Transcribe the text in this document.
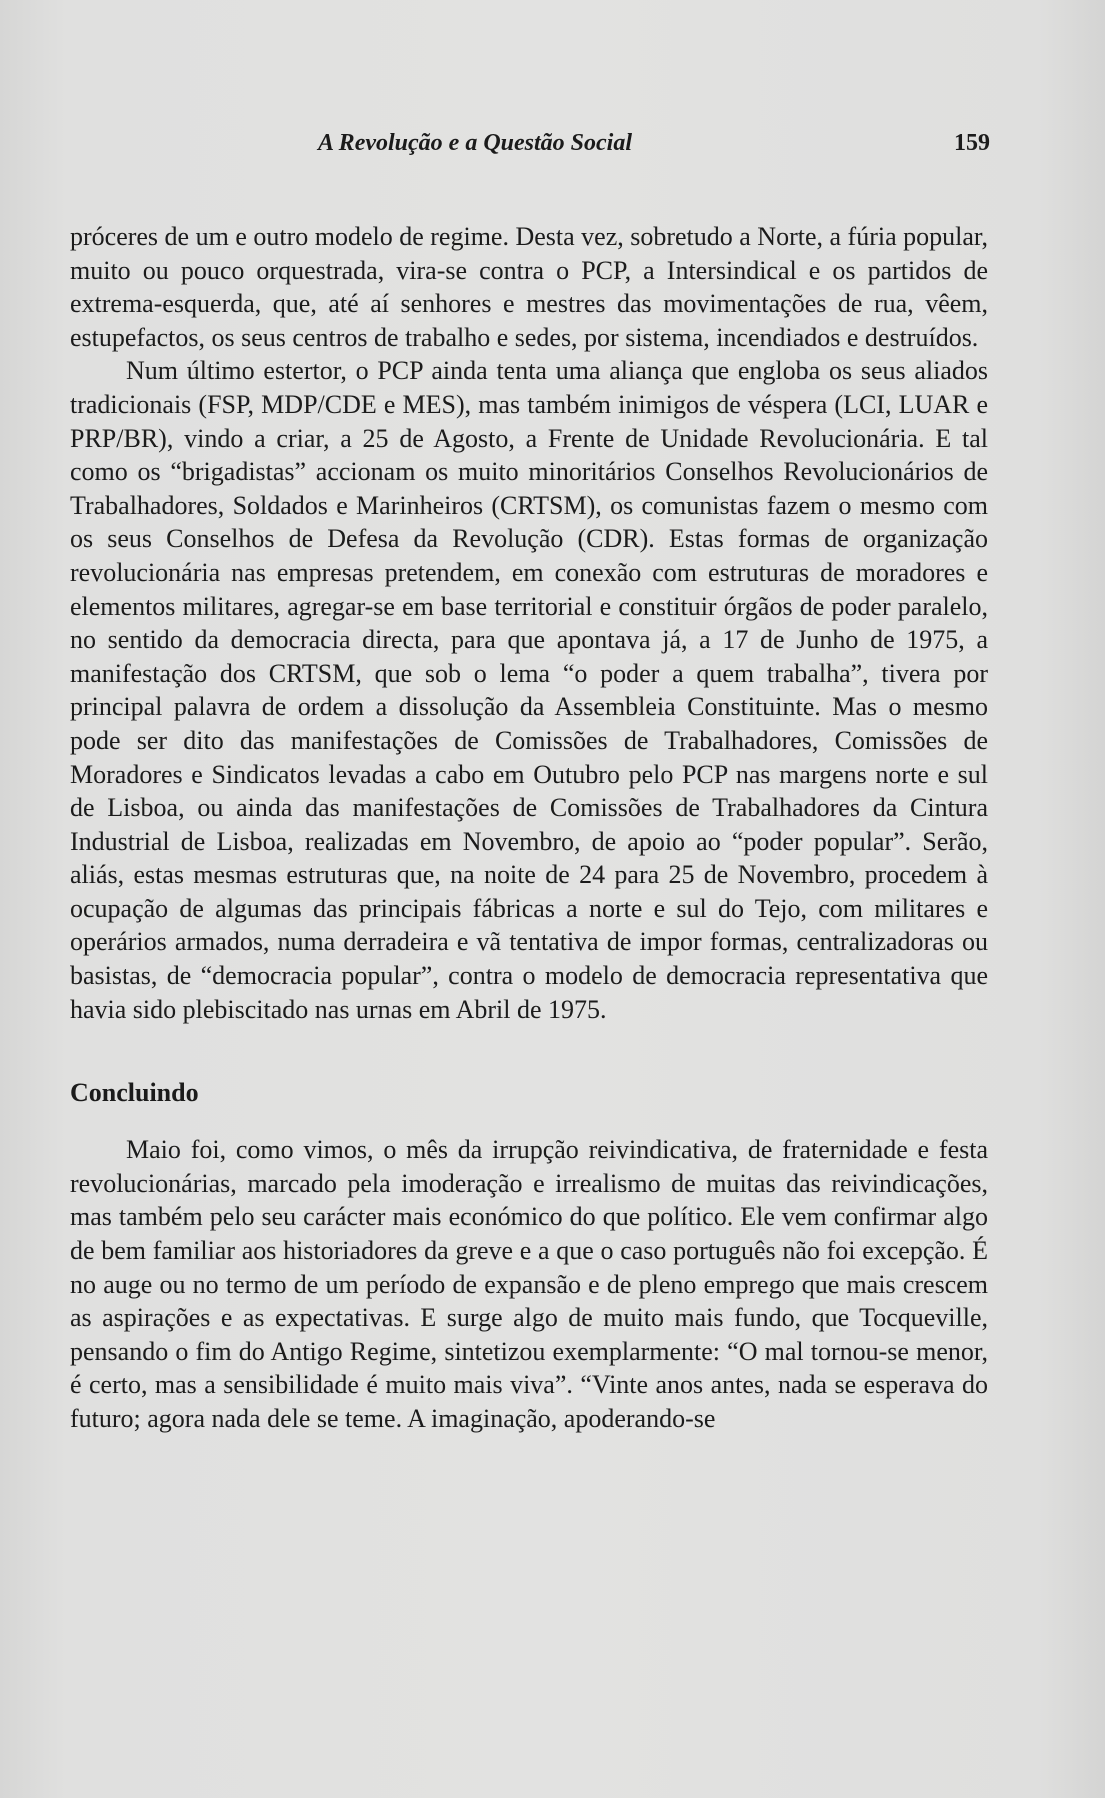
A Revolução e a Questão Social	159

próceres de um e outro modelo de regime. Desta vez, sobretudo a Norte, a fúria popular, muito ou pouco orquestrada, vira-se contra o PCP, a Intersindical e os partidos de extrema-esquerda, que, até aí senhores e mestres das movimentações de rua, vêem, estupefactos, os seus centros de trabalho e sedes, por sistema, incendiados e destruídos.

Num último estertor, o PCP ainda tenta uma aliança que engloba os seus aliados tradicionais (FSP, MDP/CDE e MES), mas também inimigos de véspera (LCI, LUAR e PRP/BR), vindo a criar, a 25 de Agosto, a Frente de Unidade Revolucionária. E tal como os “brigadistas” accionam os muito minoritários Conselhos Revolucionários de Trabalhadores, Soldados e Marinheiros (CRTSM), os comunistas fazem o mesmo com os seus Conselhos de Defesa da Revolução (CDR). Estas formas de organização revolucionária nas empresas pretendem, em conexão com estruturas de moradores e elementos militares, agregar-se em base territorial e constituir órgãos de poder paralelo, no sentido da democracia directa, para que apontava já, a 17 de Junho de 1975, a manifestação dos CRTSM, que sob o lema “o poder a quem trabalha”, tivera por principal palavra de ordem a dissolução da Assembleia Constituinte. Mas o mesmo pode ser dito das manifestações de Comissões de Trabalhadores, Comissões de Moradores e Sindicatos levadas a cabo em Outubro pelo PCP nas margens norte e sul de Lisboa, ou ainda das manifestações de Comissões de Trabalhadores da Cintura Industrial de Lisboa, realizadas em Novembro, de apoio ao “poder popular”. Serão, aliás, estas mesmas estruturas que, na noite de 24 para 25 de Novembro, procedem à ocupação de algumas das principais fábricas a norte e sul do Tejo, com militares e operários armados, numa derradeira e vã tentativa de impor formas, centralizadoras ou basistas, de “democracia popular”, contra o modelo de democracia representativa que havia sido plebiscitado nas urnas em Abril de 1975.

Concluindo

Maio foi, como vimos, o mês da irrupção reivindicativa, de fraternidade e festa revolucionárias, marcado pela imoderação e irrealismo de muitas das reivindicações, mas também pelo seu carácter mais económico do que político. Ele vem confirmar algo de bem familiar aos historiadores da greve e a que o caso português não foi excepção. É no auge ou no termo de um período de expansão e de pleno emprego que mais crescem as aspirações e as expectativas. E surge algo de muito mais fundo, que Tocqueville, pensando o fim do Antigo Regime, sintetizou exemplarmente: “O mal tornou-se menor, é certo, mas a sensibilidade é muito mais viva”. “Vinte anos antes, nada se esperava do futuro; agora nada dele se teme. A imaginação, apoderando-se
